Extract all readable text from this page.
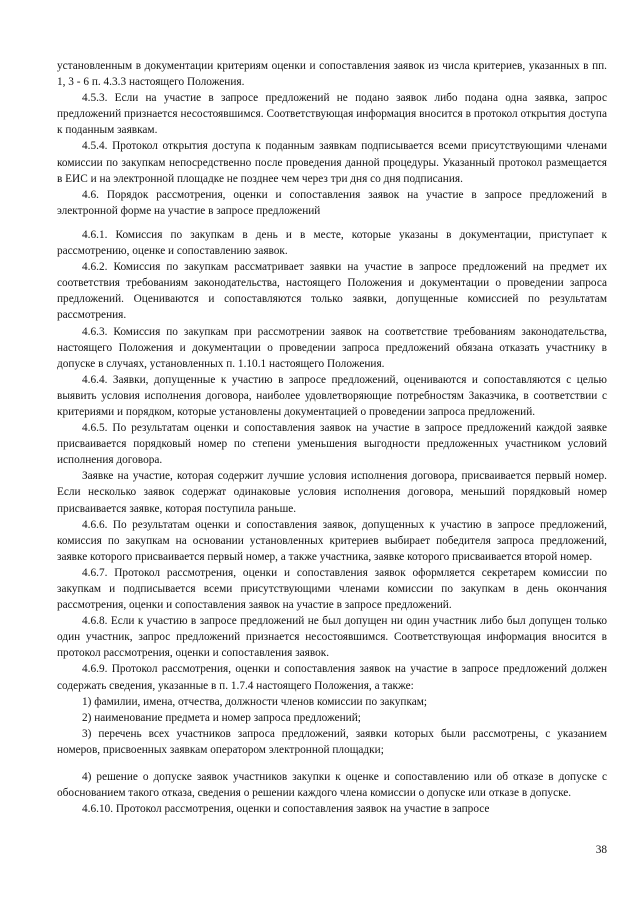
установленным в документации критериям оценки и сопоставления заявок из числа критериев, указанных в пп. 1, 3 - 6 п. 4.3.3 настоящего Положения.

4.5.3. Если на участие в запросе предложений не подано заявок либо подана одна заявка, запрос предложений признается несостоявшимся. Соответствующая информация вносится в протокол открытия доступа к поданным заявкам.

4.5.4. Протокол открытия доступа к поданным заявкам подписывается всеми присутствующими членами комиссии по закупкам непосредственно после проведения данной процедуры. Указанный протокол размещается в ЕИС и на электронной площадке не позднее чем через три дня со дня подписания.

4.6. Порядок рассмотрения, оценки и сопоставления заявок на участие в запросе предложений в электронной форме на участие в запросе предложений

4.6.1. Комиссия по закупкам в день и в месте, которые указаны в документации, приступает к рассмотрению, оценке и сопоставлению заявок.

4.6.2. Комиссия по закупкам рассматривает заявки на участие в запросе предложений на предмет их соответствия требованиям законодательства, настоящего Положения и документации о проведении запроса предложений. Оцениваются и сопоставляются только заявки, допущенные комиссией по результатам рассмотрения.

4.6.3. Комиссия по закупкам при рассмотрении заявок на соответствие требованиям законодательства, настоящего Положения и документации о проведении запроса предложений обязана отказать участнику в допуске в случаях, установленных п. 1.10.1 настоящего Положения.

4.6.4. Заявки, допущенные к участию в запросе предложений, оцениваются и сопоставляются с целью выявить условия исполнения договора, наиболее удовлетворяющие потребностям Заказчика, в соответствии с критериями и порядком, которые установлены документацией о проведении запроса предложений.

4.6.5. По результатам оценки и сопоставления заявок на участие в запросе предложений каждой заявке присваивается порядковый номер по степени уменьшения выгодности предложенных участником условий исполнения договора.

Заявке на участие, которая содержит лучшие условия исполнения договора, присваивается первый номер. Если несколько заявок содержат одинаковые условия исполнения договора, меньший порядковый номер присваивается заявке, которая поступила раньше.

4.6.6. По результатам оценки и сопоставления заявок, допущенных к участию в запросе предложений, комиссия по закупкам на основании установленных критериев выбирает победителя запроса предложений, заявке которого присваивается первый номер, а также участника, заявке которого присваивается второй номер.

4.6.7. Протокол рассмотрения, оценки и сопоставления заявок оформляется секретарем комиссии по закупкам и подписывается всеми присутствующими членами комиссии по закупкам в день окончания рассмотрения, оценки и сопоставления заявок на участие в запросе предложений.

4.6.8. Если к участию в запросе предложений не был допущен ни один участник либо был допущен только один участник, запрос предложений признается несостоявшимся. Соответствующая информация вносится в протокол рассмотрения, оценки и сопоставления заявок.

4.6.9. Протокол рассмотрения, оценки и сопоставления заявок на участие в запросе предложений должен содержать сведения, указанные в п. 1.7.4 настоящего Положения, а также:

1) фамилии, имена, отчества, должности членов комиссии по закупкам;

2) наименование предмета и номер запроса предложений;

3) перечень всех участников запроса предложений, заявки которых были рассмотрены, с указанием номеров, присвоенных заявкам оператором электронной площадки;

4) решение о допуске заявок участников закупки к оценке и сопоставлению или об отказе в допуске с обоснованием такого отказа, сведения о решении каждого члена комиссии о допуске или отказе в допуске.

4.6.10. Протокол рассмотрения, оценки и сопоставления заявок на участие в запросе

38
